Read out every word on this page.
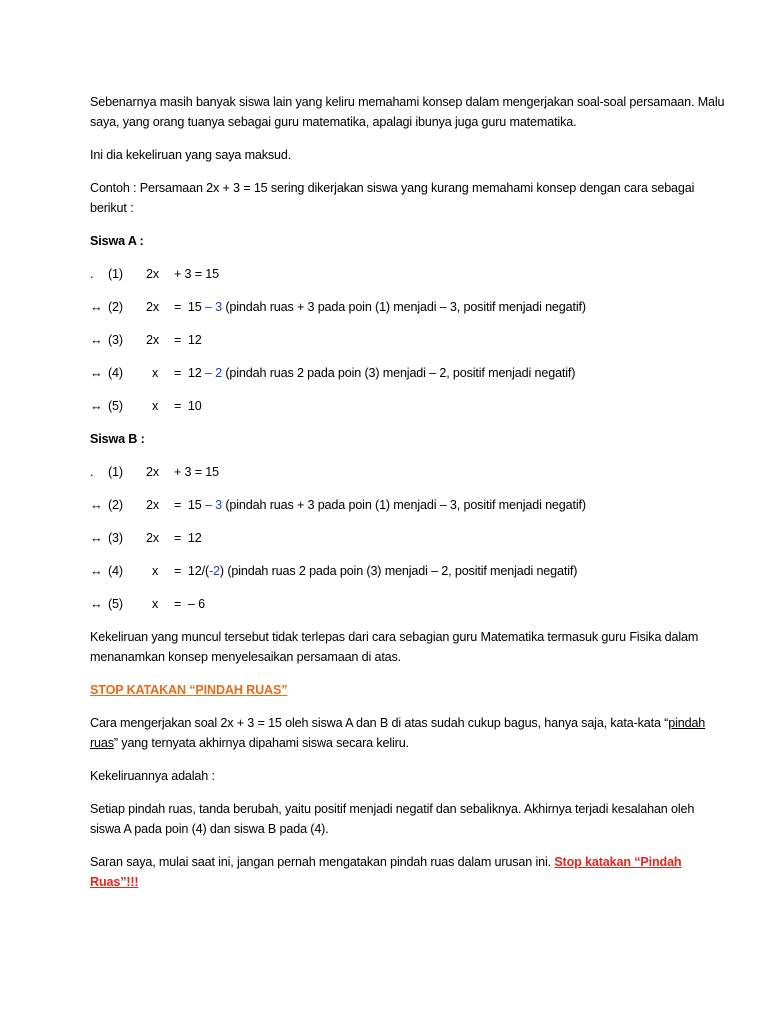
Sebenarnya masih banyak siswa lain yang keliru memahami konsep dalam mengerjakan soal-soal persamaan. Malu saya, yang orang tuanya sebagai guru matematika, apalagi ibunya juga guru matematika.

Ini dia kekeliruan yang saya maksud.

Contoh : Persamaan 2x + 3 = 15 sering dikerjakan siswa yang kurang memahami konsep dengan cara sebagai berikut :

Siswa A :

. (1) 2x + 3 = 15
↔ (2) 2x =  15 – 3 (pindah ruas + 3 pada poin (1) menjadi – 3, positif menjadi negatif)
↔ (3) 2x =  12
↔ (4) x =  12 – 2 (pindah ruas 2 pada poin (3) menjadi – 2, positif menjadi negatif)
↔ (5) x =  10

Siswa B :

. (1) 2x + 3 = 15
↔ (2) 2x =  15 – 3 (pindah ruas + 3 pada poin (1) menjadi – 3, positif menjadi negatif)
↔ (3) 2x =  12
↔ (4) x =  12/(-2) (pindah ruas 2 pada poin (3) menjadi – 2, positif menjadi negatif)
↔ (5) x =  – 6

Kekeliruan yang muncul tersebut tidak terlepas dari cara sebagian guru Matematika termasuk guru Fisika dalam menanamkan konsep menyelesaikan persamaan di atas.

STOP KATAKAN “PINDAH RUAS”

Cara mengerjakan soal 2x + 3 = 15 oleh siswa A dan B di atas sudah cukup bagus, hanya saja, kata-kata “pindah ruas” yang ternyata akhirnya dipahami siswa secara keliru.

Kekeliruannya adalah :

Setiap pindah ruas, tanda berubah, yaitu positif menjadi negatif dan sebaliknya. Akhirnya terjadi kesalahan oleh siswa A pada poin (4) dan siswa B pada (4).

Saran saya, mulai saat ini, jangan pernah mengatakan pindah ruas dalam urusan ini. Stop katakan “Pindah Ruas”!!!
